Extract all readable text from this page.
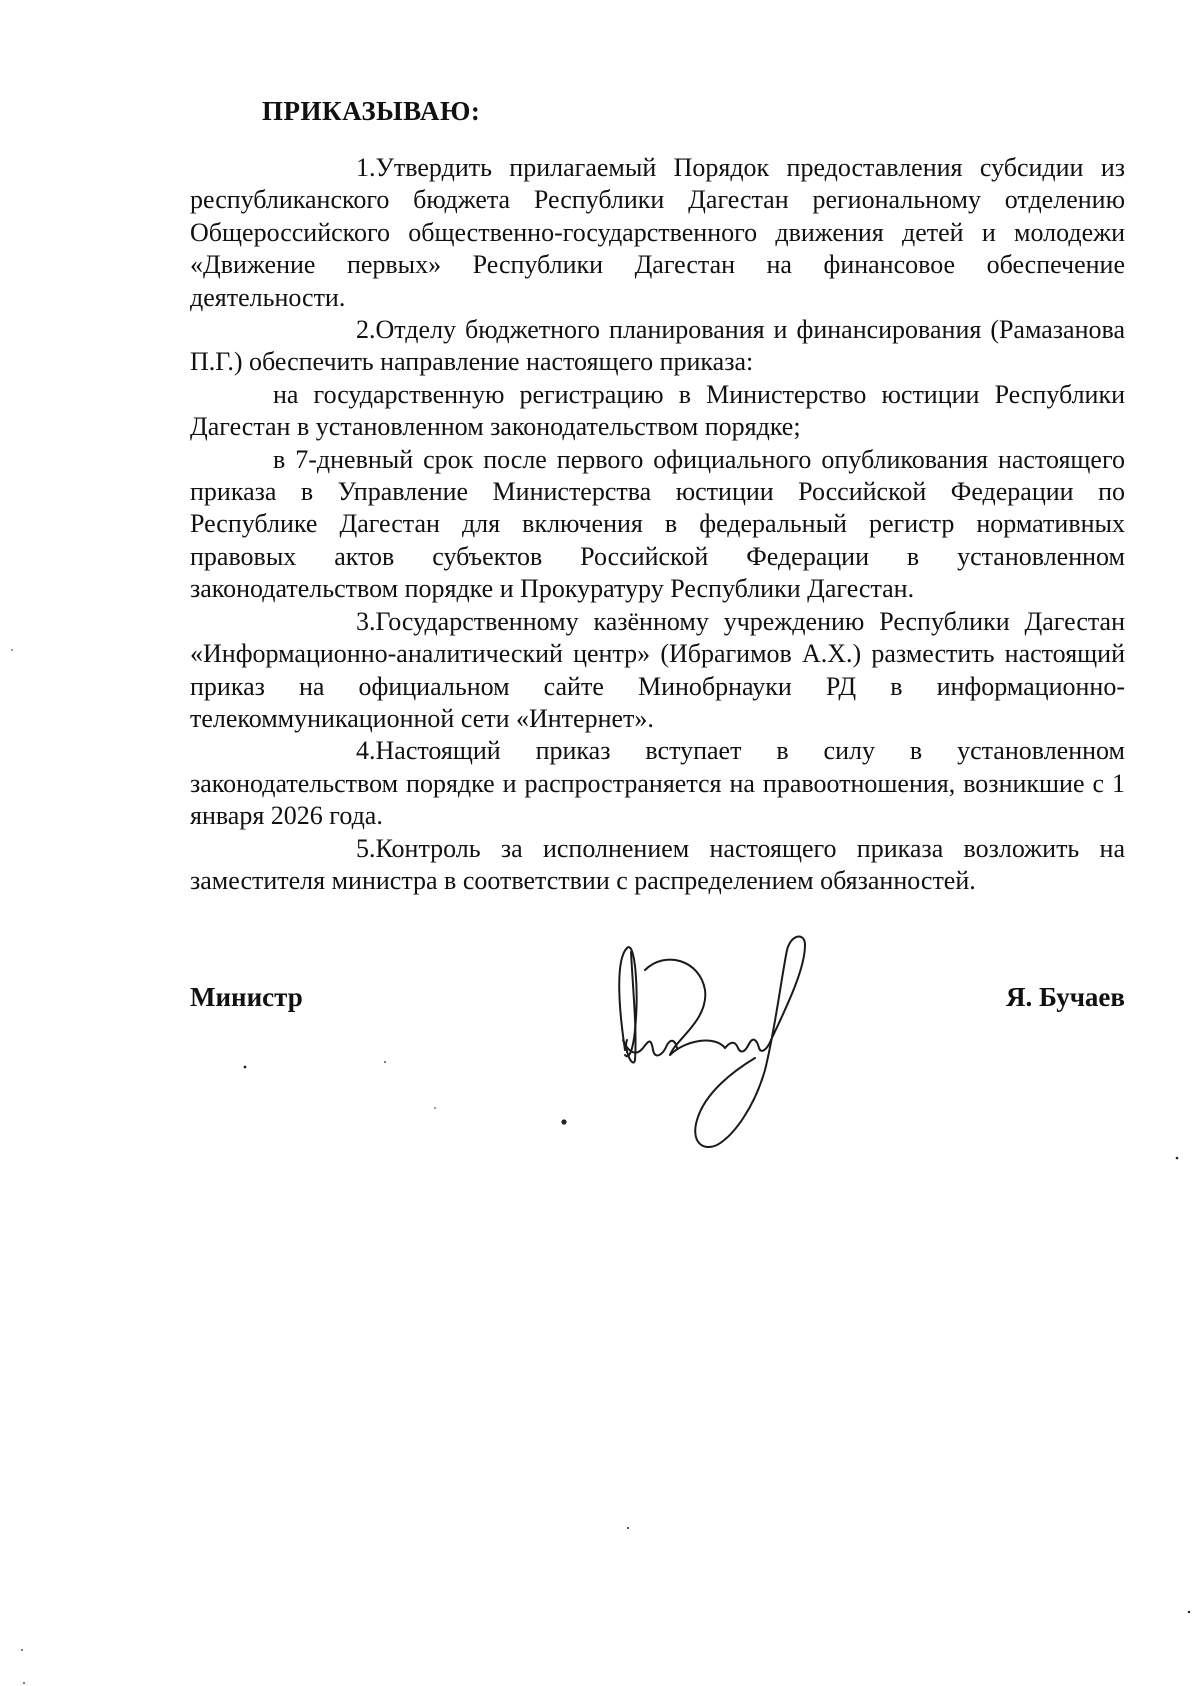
ПРИКАЗЫВАЮ:

1.Утвердить прилагаемый Порядок предоставления субсидии из республиканского бюджета Республики Дагестан региональному отделению Общероссийского общественно-государственного движения детей и молодежи «Движение первых» Республики Дагестан на финансовое обеспечение деятельности.

2.Отделу бюджетного планирования и финансирования (Рамазанова П.Г.) обеспечить направление настоящего приказа:

на государственную регистрацию в Министерство юстиции Республики Дагестан в установленном законодательством порядке;

в 7-дневный срок после первого официального опубликования настоящего приказа в Управление Министерства юстиции Российской Федерации по Республике Дагестан для включения в федеральный регистр нормативных правовых актов субъектов Российской Федерации в установленном законодательством порядке и Прокуратуру Республики Дагестан.

3.Государственному казённому учреждению Республики Дагестан «Информационно-аналитический центр» (Ибрагимов А.Х.) разместить настоящий приказ на официальном сайте Минобрнауки РД в информационно-телекоммуникационной сети «Интернет».

4.Настоящий приказ вступает в силу в установленном законодательством порядке и распространяется на правоотношения, возникшие с 1 января 2026 года.

5.Контроль за исполнением настоящего приказа возложить на заместителя министра в соответствии с распределением обязанностей.

Министр	Я. Бучаев
